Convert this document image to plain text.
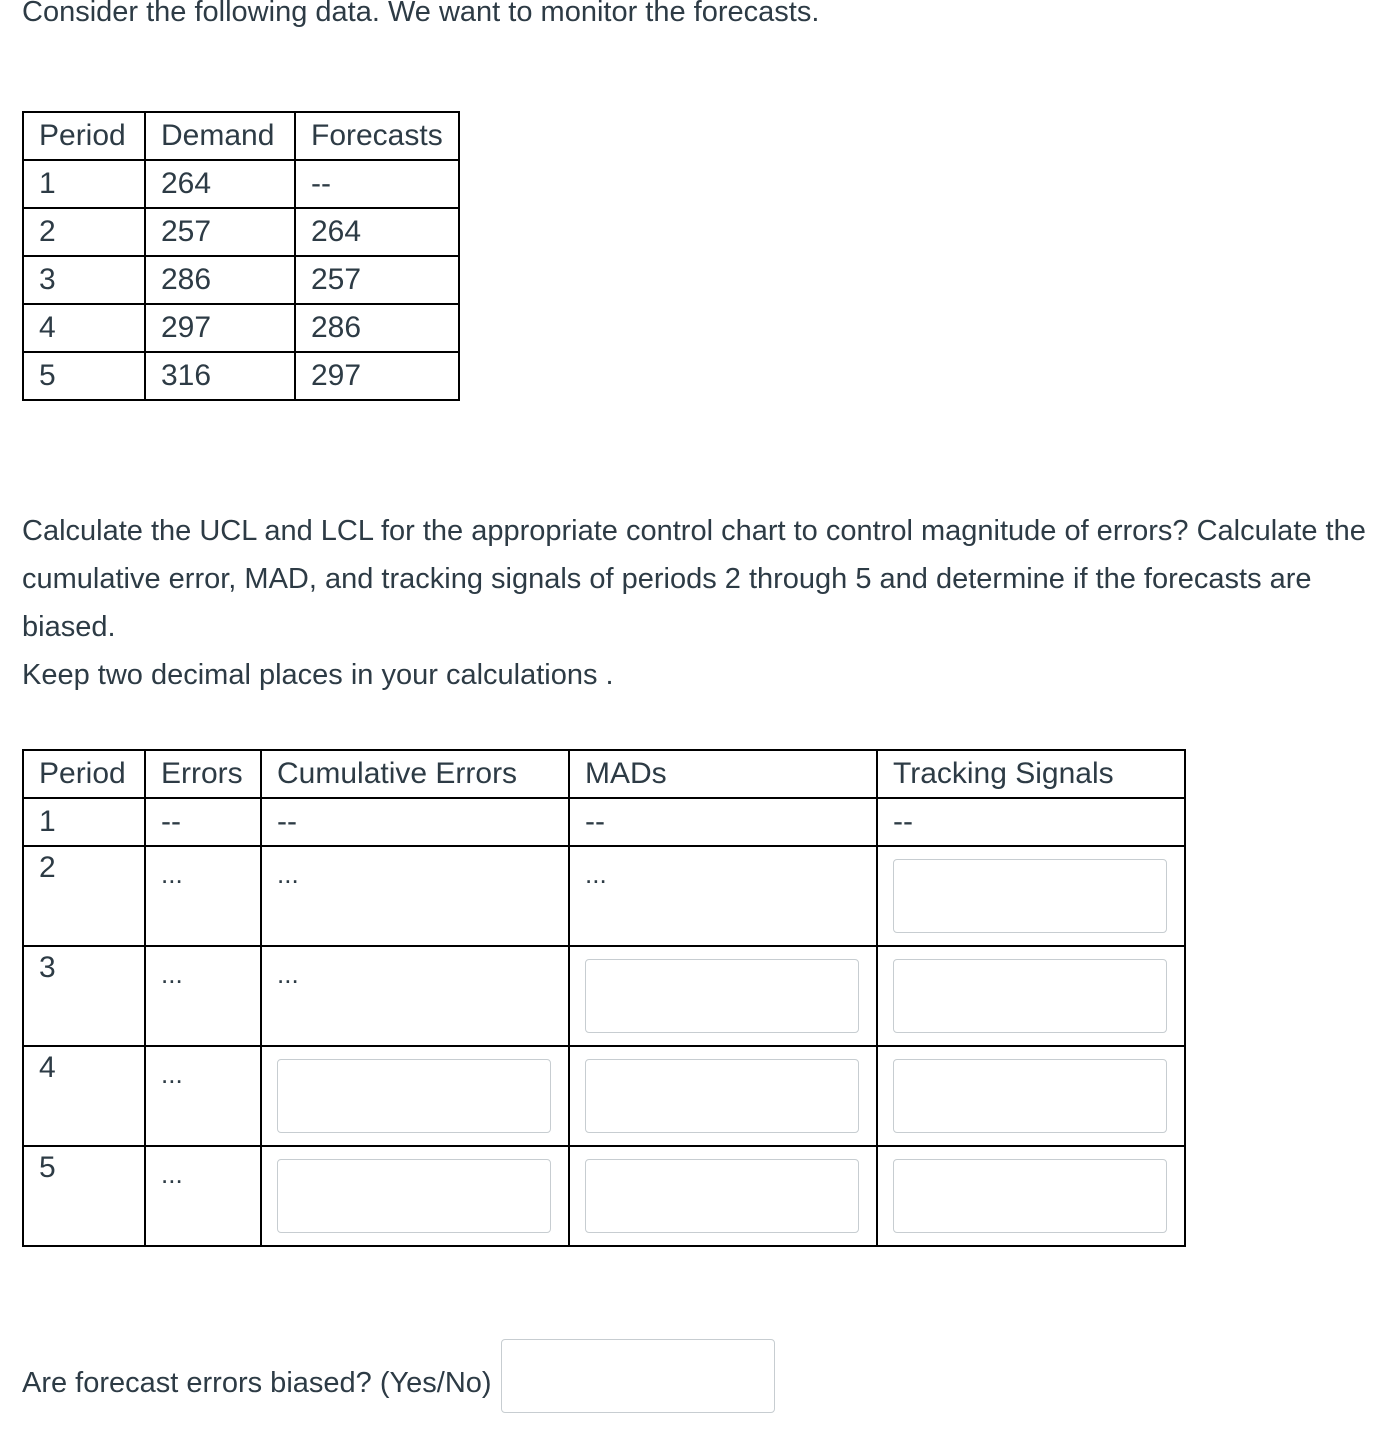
Consider the following data. We want to monitor the forecasts.
Period	Demand	Forecasts
1	264	--
2	257	264
3	286	257
4	297	286
5	316	297

Calculate the UCL and LCL for the appropriate control chart to control magnitude of errors? Calculate the cumulative error, MAD, and tracking signals of periods 2 through 5 and determine if the forecasts are biased.

Keep two decimal places in your calculations .

Period	Errors	Cumulative Errors	MADs	Tracking Signals
1	--	--	--	--
2	...	...	...	

3	...	...	

4	...	

5	...	

Are forecast errors biased? (Yes/No)
